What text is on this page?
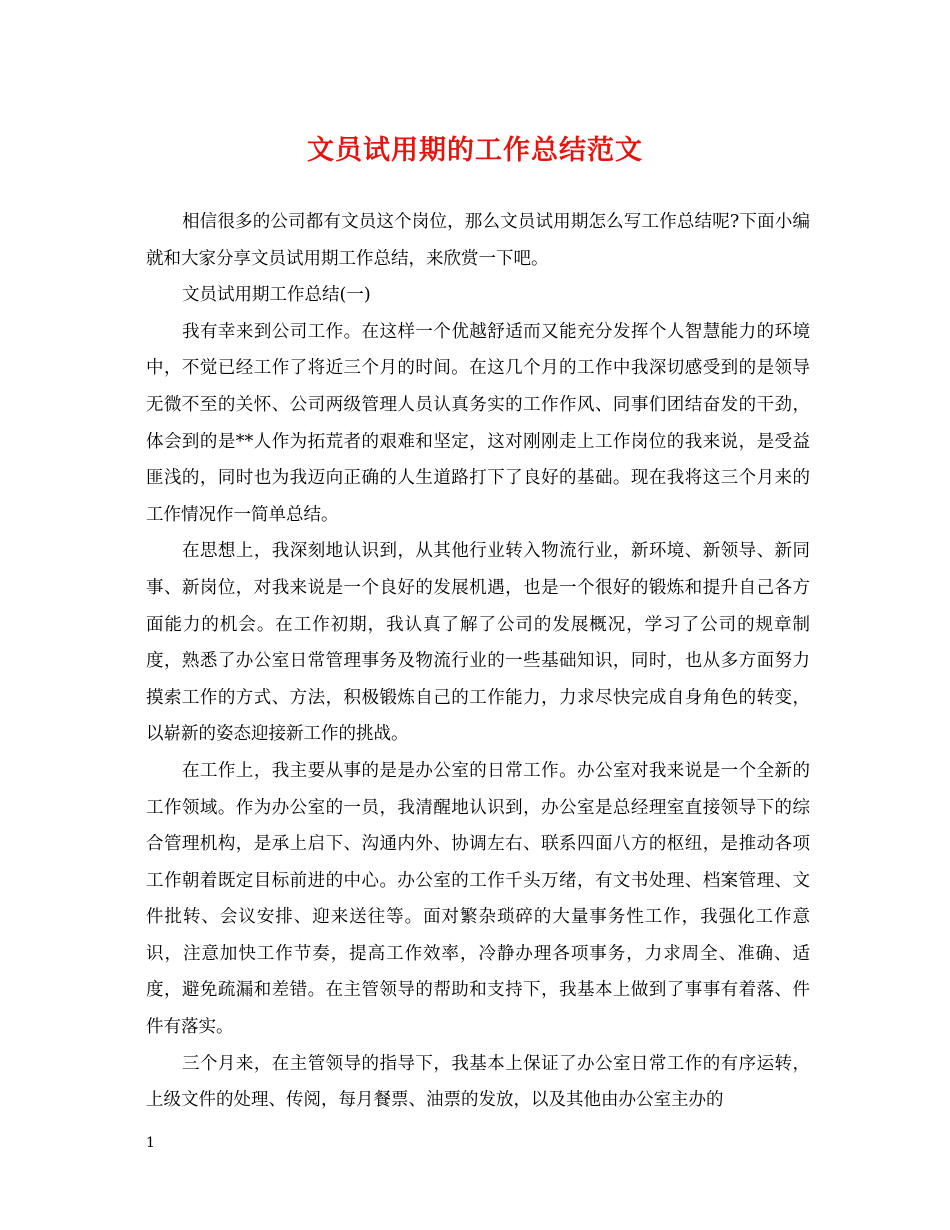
文员试用期的工作总结范文

相信很多的公司都有文员这个岗位，那么文员试用期怎么写工作总结呢?下面小编就和大家分享文员试用期工作总结，来欣赏一下吧。

文员试用期工作总结(一)

我有幸来到公司工作。在这样一个优越舒适而又能充分发挥个人智慧能力的环境中，不觉已经工作了将近三个月的时间。在这几个月的工作中我深切感受到的是领导无微不至的关怀、公司两级管理人员认真务实的工作作风、同事们团结奋发的干劲，体会到的是**人作为拓荒者的艰难和坚定，这对刚刚走上工作岗位的我来说，是受益匪浅的，同时也为我迈向正确的人生道路打下了良好的基础。现在我将这三个月来的工作情况作一简单总结。

在思想上，我深刻地认识到，从其他行业转入物流行业，新环境、新领导、新同事、新岗位，对我来说是一个良好的发展机遇，也是一个很好的锻炼和提升自己各方面能力的机会。在工作初期，我认真了解了公司的发展概况，学习了公司的规章制度，熟悉了办公室日常管理事务及物流行业的一些基础知识，同时，也从多方面努力摸索工作的方式、方法，积极锻炼自己的工作能力，力求尽快完成自身角色的转变，以崭新的姿态迎接新工作的挑战。

在工作上，我主要从事的是是办公室的日常工作。办公室对我来说是一个全新的工作领域。作为办公室的一员，我清醒地认识到，办公室是总经理室直接领导下的综合管理机构，是承上启下、沟通内外、协调左右、联系四面八方的枢纽，是推动各项工作朝着既定目标前进的中心。办公室的工作千头万绪，有文书处理、档案管理、文件批转、会议安排、迎来送往等。面对繁杂琐碎的大量事务性工作，我强化工作意识，注意加快工作节奏，提高工作效率，冷静办理各项事务，力求周全、准确、适度，避免疏漏和差错。在主管领导的帮助和支持下，我基本上做到了事事有着落、件件有落实。

三个月来，在主管领导的指导下，我基本上保证了办公室日常工作的有序运转，上级文件的处理、传阅，每月餐票、油票的发放，以及其他由办公室主办的

1
